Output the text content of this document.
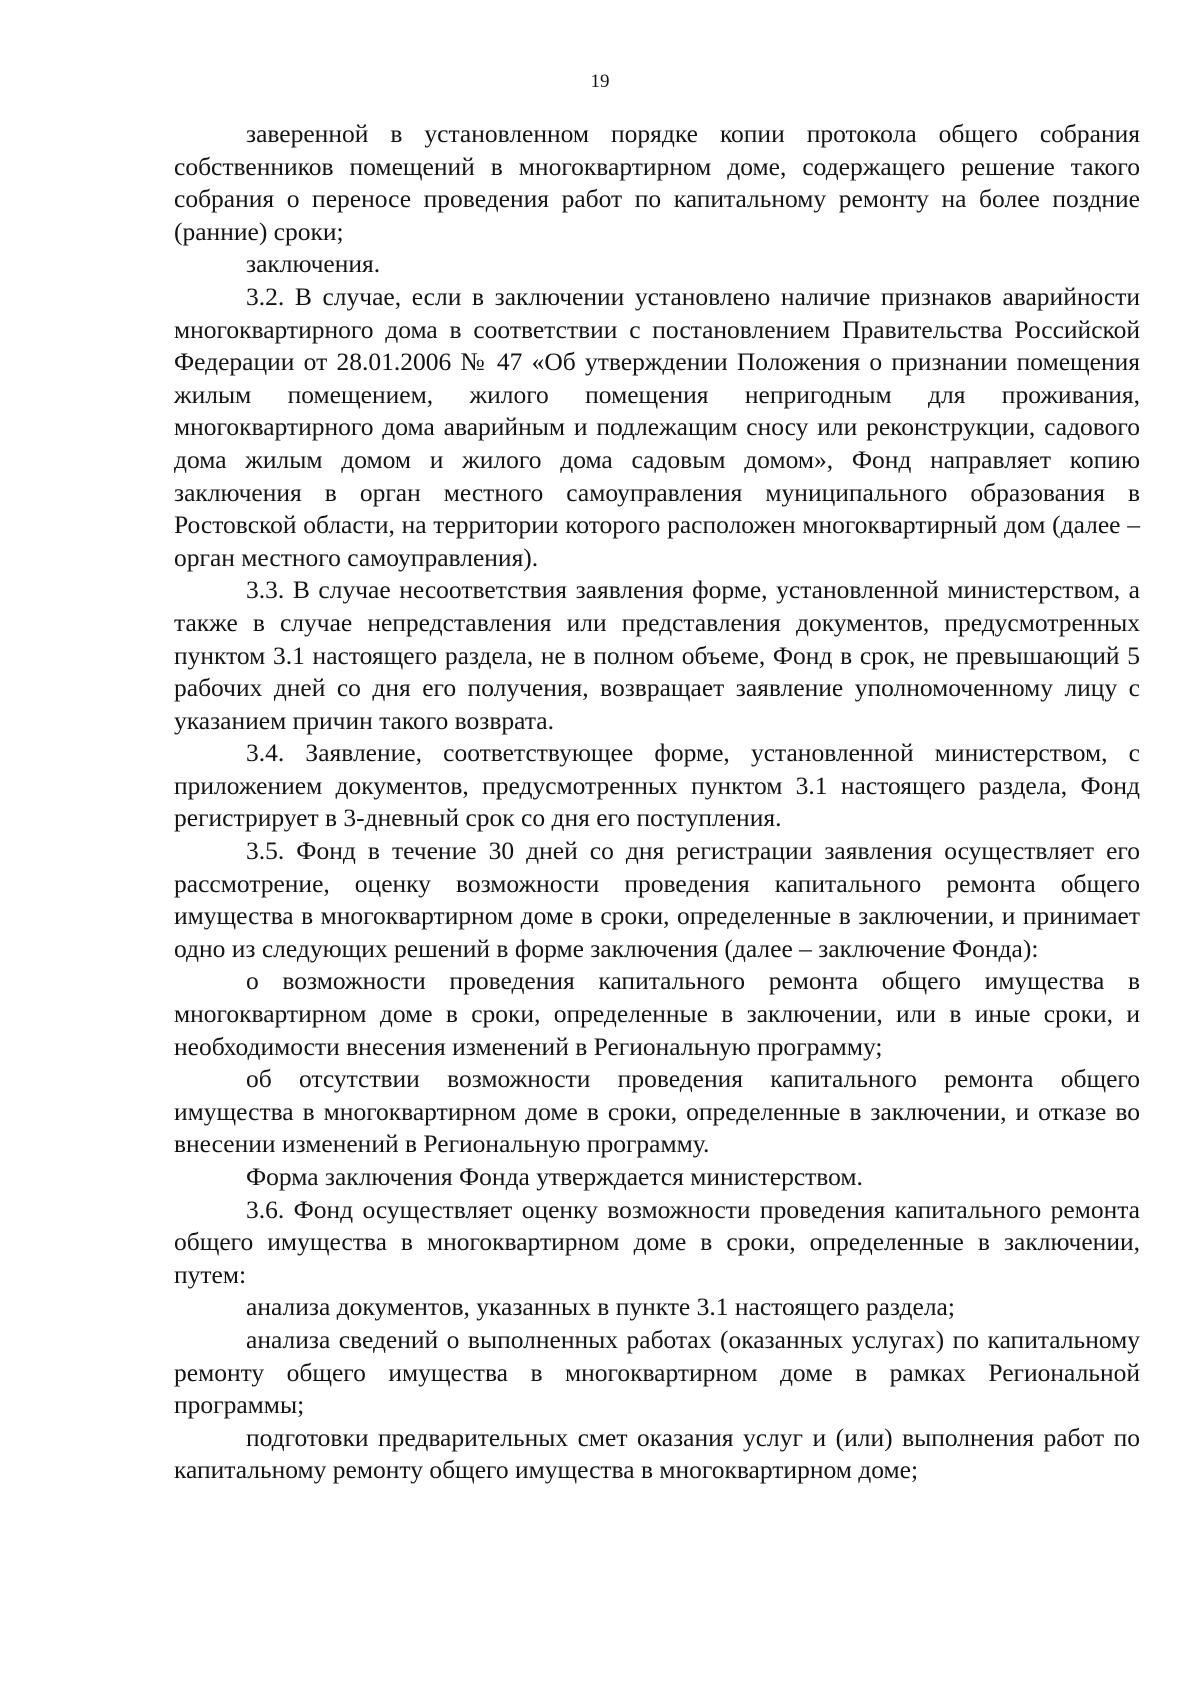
19

заверенной в установленном порядке копии протокола общего собрания собственников помещений в многоквартирном доме, содержащего решение такого собрания о переносе проведения работ по капитальному ремонту на более поздние (ранние) сроки;

заключения.

3.2. В случае, если в заключении установлено наличие признаков аварийности многоквартирного дома в соответствии с постановлением Правительства Российской Федерации от 28.01.2006 № 47 «Об утверждении Положения о признании помещения жилым помещением, жилого помещения непригодным для проживания, многоквартирного дома аварийным и подлежащим сносу или реконструкции, садового дома жилым домом и жилого дома садовым домом», Фонд направляет копию заключения в орган местного самоуправления муниципального образования в Ростовской области, на территории которого расположен многоквартирный дом (далее – орган местного самоуправления).

3.3. В случае несоответствия заявления форме, установленной министерством, а также в случае непредставления или представления документов, предусмотренных пунктом 3.1 настоящего раздела, не в полном объеме, Фонд в срок, не превышающий 5 рабочих дней со дня его получения, возвращает заявление уполномоченному лицу с указанием причин такого возврата.

3.4. Заявление, соответствующее форме, установленной министерством, с приложением документов, предусмотренных пунктом 3.1 настоящего раздела, Фонд регистрирует в 3-дневный срок со дня его поступления.

3.5. Фонд в течение 30 дней со дня регистрации заявления осуществляет его рассмотрение, оценку возможности проведения капитального ремонта общего имущества в многоквартирном доме в сроки, определенные в заключении, и принимает одно из следующих решений в форме заключения (далее – заключение Фонда):

о возможности проведения капитального ремонта общего имущества в многоквартирном доме в сроки, определенные в заключении, или в иные сроки, и необходимости внесения изменений в Региональную программу;

об отсутствии возможности проведения капитального ремонта общего имущества в многоквартирном доме в сроки, определенные в заключении, и отказе во внесении изменений в Региональную программу.

Форма заключения Фонда утверждается министерством.

3.6. Фонд осуществляет оценку возможности проведения капитального ремонта общего имущества в многоквартирном доме в сроки, определенные в заключении, путем:

анализа документов, указанных в пункте 3.1 настоящего раздела;

анализа сведений о выполненных работах (оказанных услугах) по капитальному ремонту общего имущества в многоквартирном доме в рамках Региональной программы;

подготовки предварительных смет оказания услуг и (или) выполнения работ по капитальному ремонту общего имущества в многоквартирном доме;
